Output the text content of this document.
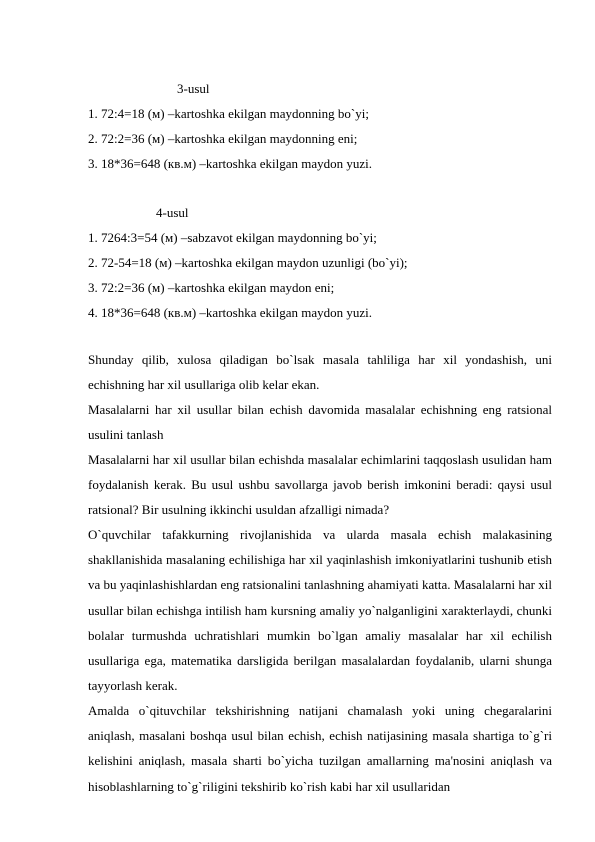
3-usul
1. 72:4=18 (м) –kartoshka ekilgan maydonning bo`yi;
2. 72:2=36 (м) –kartoshka ekilgan maydonning eni;
3. 18*36=648 (кв.м) –kartoshka ekilgan maydon yuzi.
4-usul
1. 7264:3=54 (м) –sabzavot ekilgan maydonning bo`yi;
2. 72-54=18 (м) –kartoshka ekilgan maydon uzunligi (bo`yi);
3. 72:2=36 (м) –kartoshka ekilgan maydon eni;
4. 18*36=648 (кв.м) –kartoshka ekilgan maydon yuzi.

Shunday qilib, xulosa qiladigan bo`lsak masala tahliliga har xil yondashish, uni echishning har xil usullariga olib kelar ekan.

Masalalarni har xil usullar bilan echish davomida masalalar echishning eng ratsional usulini tanlash

Masalalarni har xil usullar bilan echishda masalalar echimlarini taqqoslash usulidan ham foydalanish kerak. Bu usul ushbu savollarga javob berish imkonini beradi: qaysi usul ratsional? Bir usulning ikkinchi usuldan afzalligi nimada?

O`quvchilar tafakkurning rivojlanishida va ularda masala echish malakasining shakllanishida masalaning echilishiga har xil yaqinlashish imkoniyatlarini tushunib etish va bu yaqinlashishlardan eng ratsionalini tanlashning ahamiyati katta. Masalalarni har xil usullar bilan echishga intilish ham kursning amaliy yo`nalganligini xarakterlaydi, chunki bolalar turmushda uchratishlari mumkin bo`lgan amaliy masalalar har xil echilish usullariga ega, matematika darsligida berilgan masalalardan foydalanib, ularni shunga tayyorlash kerak.

Amalda o`qituvchilar tekshirishning natijani chamalash yoki uning chegaralarini aniqlash, masalani boshqa usul bilan echish, echish natijasining masala shartiga to`g`ri kelishini aniqlash, masala sharti bo`yicha tuzilgan amallarning ma'nosini aniqlash va hisoblashlarning to`g`riligini tekshirib ko`rish kabi har xil usullaridan
